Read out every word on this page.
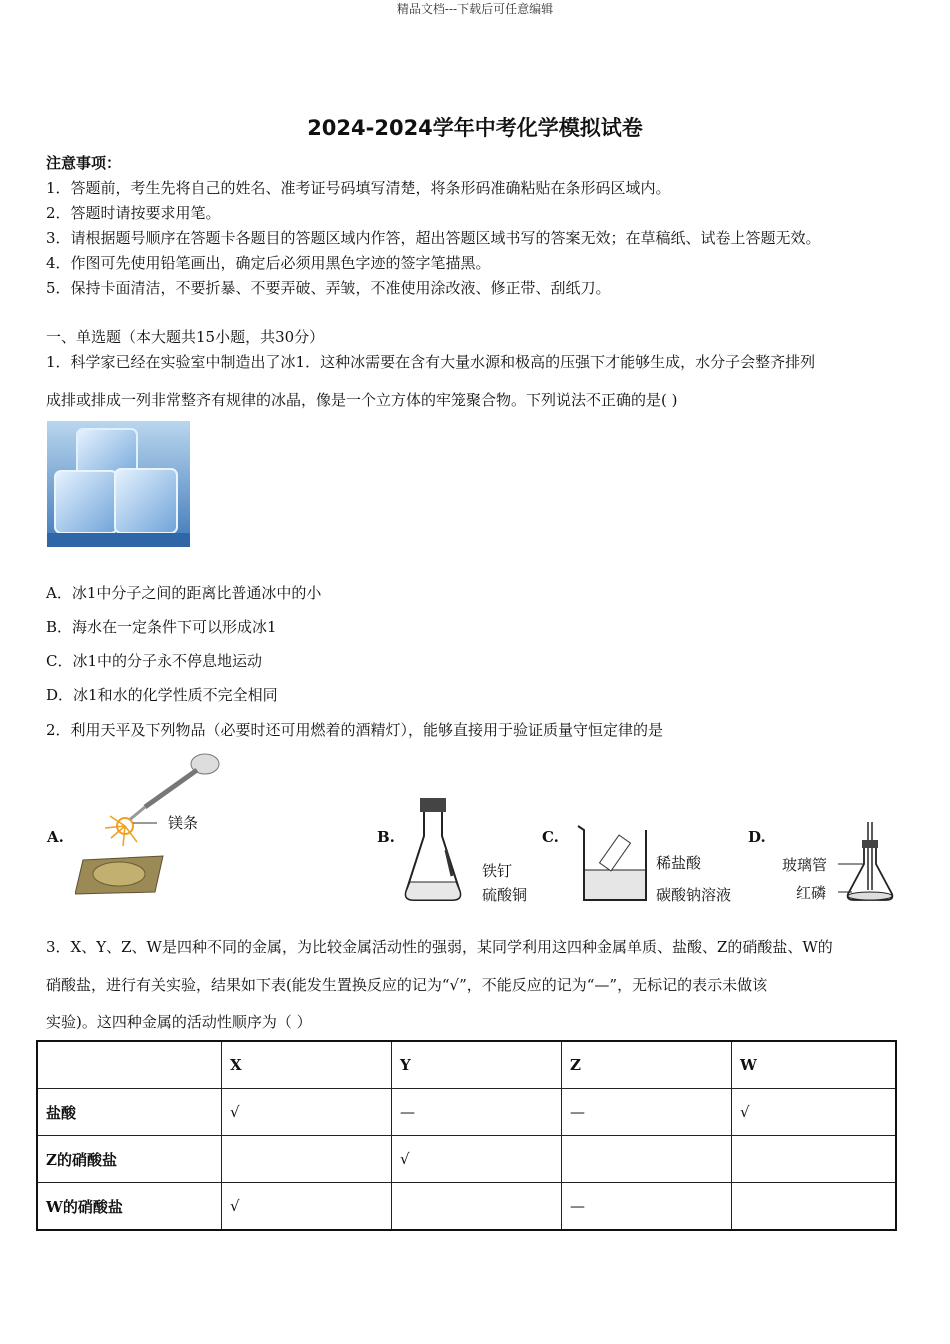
精品文档---下载后可任意编辑
2024-2024学年中考化学模拟试卷
注意事项：
1．答题前，考生先将自己的姓名、准考证号码填写清楚，将条形码准确粘贴在条形码区域内。
2．答题时请按要求用笔。
3．请根据题号顺序在答题卡各题目的答题区域内作答，超出答题区域书写的答案无效；在草稿纸、试卷上答题无效。
4．作图可先使用铅笔画出，确定后必须用黑色字迹的签字笔描黑。
5．保持卡面清洁，不要折暴、不要弄破、弄皱，不准使用涂改液、修正带、刮纸刀。
一、单选题（本大题共15小题，共30分）
1．科学家已经在实验室中制造出了冰1．这种冰需要在含有大量水源和极高的压强下才能够生成，水分子会整齐排列
成排或排成一列非常整齐有规律的冰晶，像是一个立方体的牢笼聚合物。下列说法不正确的是( )
A．冰1中分子之间的距离比普通冰中的小
B．海水在一定条件下可以形成冰1
C．冰1中的分子永不停息地运动
D．冰1和水的化学性质不完全相同
2．利用天平及下列物品（必要时还可用燃着的酒精灯），能够直接用于验证质量守恒定律的是
A.
镁条
B.
铁钉
硫酸铜
C.
稀盐酸
碳酸钠溶液
D.
玻璃管
红磷
3．X、Y、Z、W是四种不同的金属，为比较金属活动性的强弱，某同学利用这四种金属单质、盐酸、Z的硝酸盐、W的
硝酸盐，进行有关实验，结果如下表(能发生置换反应的记为“√”，不能反应的记为“—”，无标记的表示未做该
实验)。这四种金属的活动性顺序为（ ）
	X	Y	Z	W
盐酸	√	—	—	√
Z的硝酸盐		√		
W的硝酸盐	√		—	
